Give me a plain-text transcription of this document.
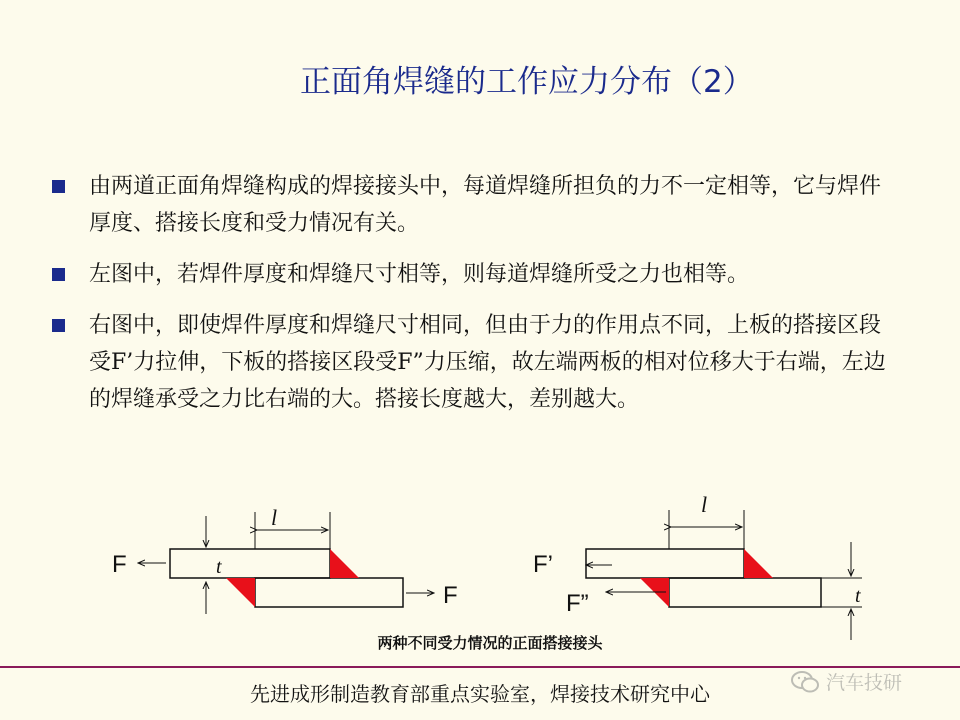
正面角焊缝的工作应力分布（2）
由两道正面角焊缝构成的焊接接头中，每道焊缝所担负的力不一定相等，它与焊件厚度、搭接长度和受力情况有关。
左图中，若焊件厚度和焊缝尺寸相等，则每道焊缝所受之力也相等。
右图中，即使焊件厚度和焊缝尺寸相同，但由于力的作用点不同，上板的搭接区段受F’力拉伸，下板的搭接区段受F”力压缩，故左端两板的相对位移大于右端，左边的焊缝承受之力比右端的大。搭接长度越大，差别越大。
l
t
F
F
l
F’
F”	t
两种不同受力情况的正面搭接接头
先进成形制造教育部重点实验室，焊接技术研究中心	汽车技研
